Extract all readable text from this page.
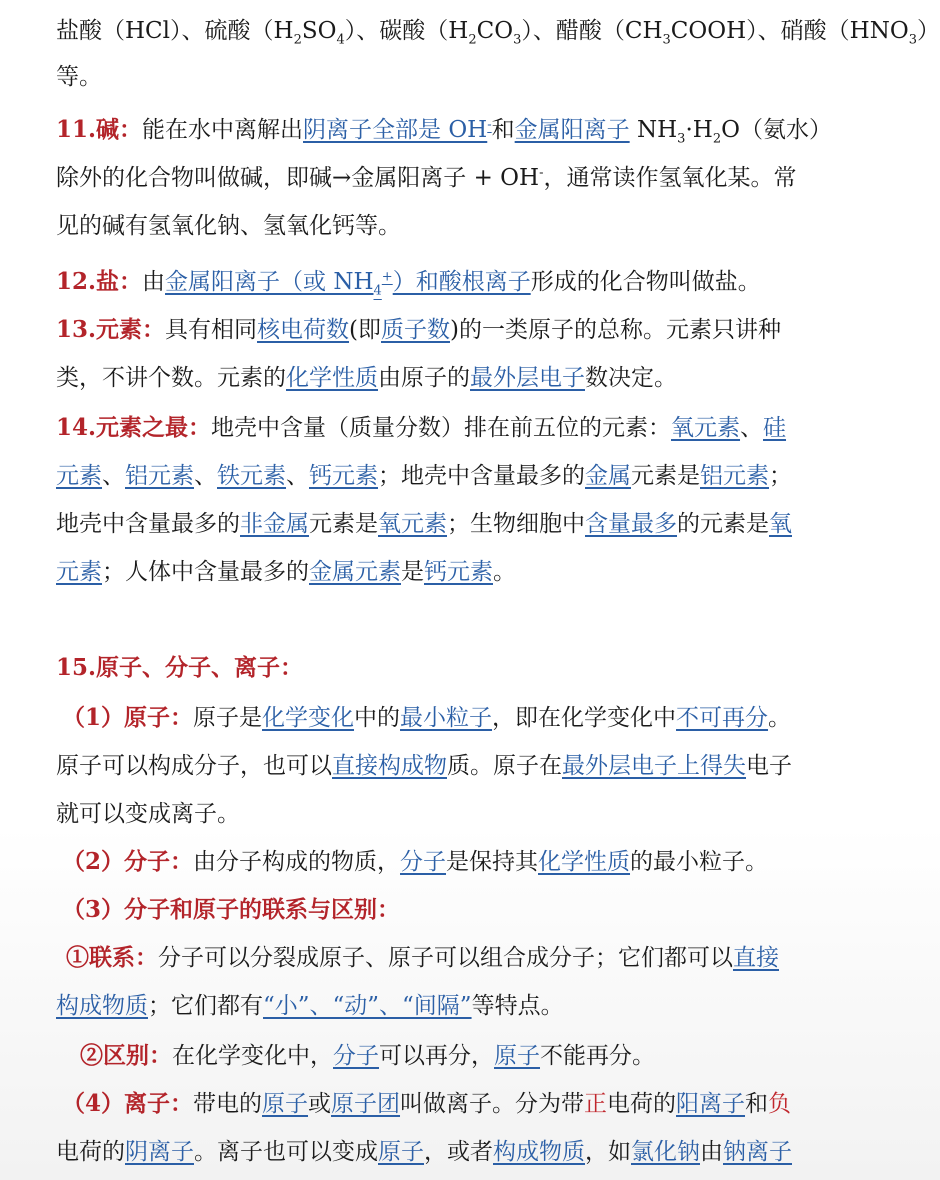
盐酸（HCl）、硫酸$(H_2SO_4)$、碳酸$(H_2CO_3)$、醋酸$(CH_3COOH)$、硝酸$(HNO_3)$
等。
11.碱：能在水中离解出阴离子全部是 OH-和金属阳离子 $NH_3\cdot H_2O$（氨水）
除外的化合物叫做碱，即碱→金属阳离子 + OH-，通常读作氢氧化某。常
见的碱有氢氧化钠、氢氧化钙等。
12.盐：由金属阳离子（或 $NH_4^+$）和酸根离子形成的化合物叫做盐。
13.元素：具有相同核电荷数(即质子数)的一类原子的总称。元素只讲种
类，不讲个数。元素的化学性质由原子的最外层电子数决定。
14.元素之最：地壳中含量（质量分数）排在前五位的元素：氧元素、硅
元素、铝元素、铁元素、钙元素；地壳中含量最多的金属元素是铝元素；
地壳中含量最多的非金属元素是氧元素；生物细胞中含量最多的元素是氧
元素；人体中含量最多的金属元素是钙元素。
15.原子、分子、离子：
（1）原子：原子是化学变化中的最小粒子，即在化学变化中不可再分。
原子可以构成分子，也可以直接构成物质。原子在最外层电子上得失电子
就可以变成离子。
（2）分子：由分子构成的物质，分子是保持其化学性质的最小粒子。
（3）分子和原子的联系与区别：
①联系：分子可以分裂成原子、原子可以组合成分子；它们都可以直接
构成物质；它们都有“小”、“动”、“间隔”等特点。
②区别：在化学变化中，分子可以再分，原子不能再分。
（4）离子：带电的原子或原子团叫做离子。分为带正电荷的阳离子和负
电荷的阴离子。离子也可以变成原子，或者构成物质，如氯化钠由钠离子
